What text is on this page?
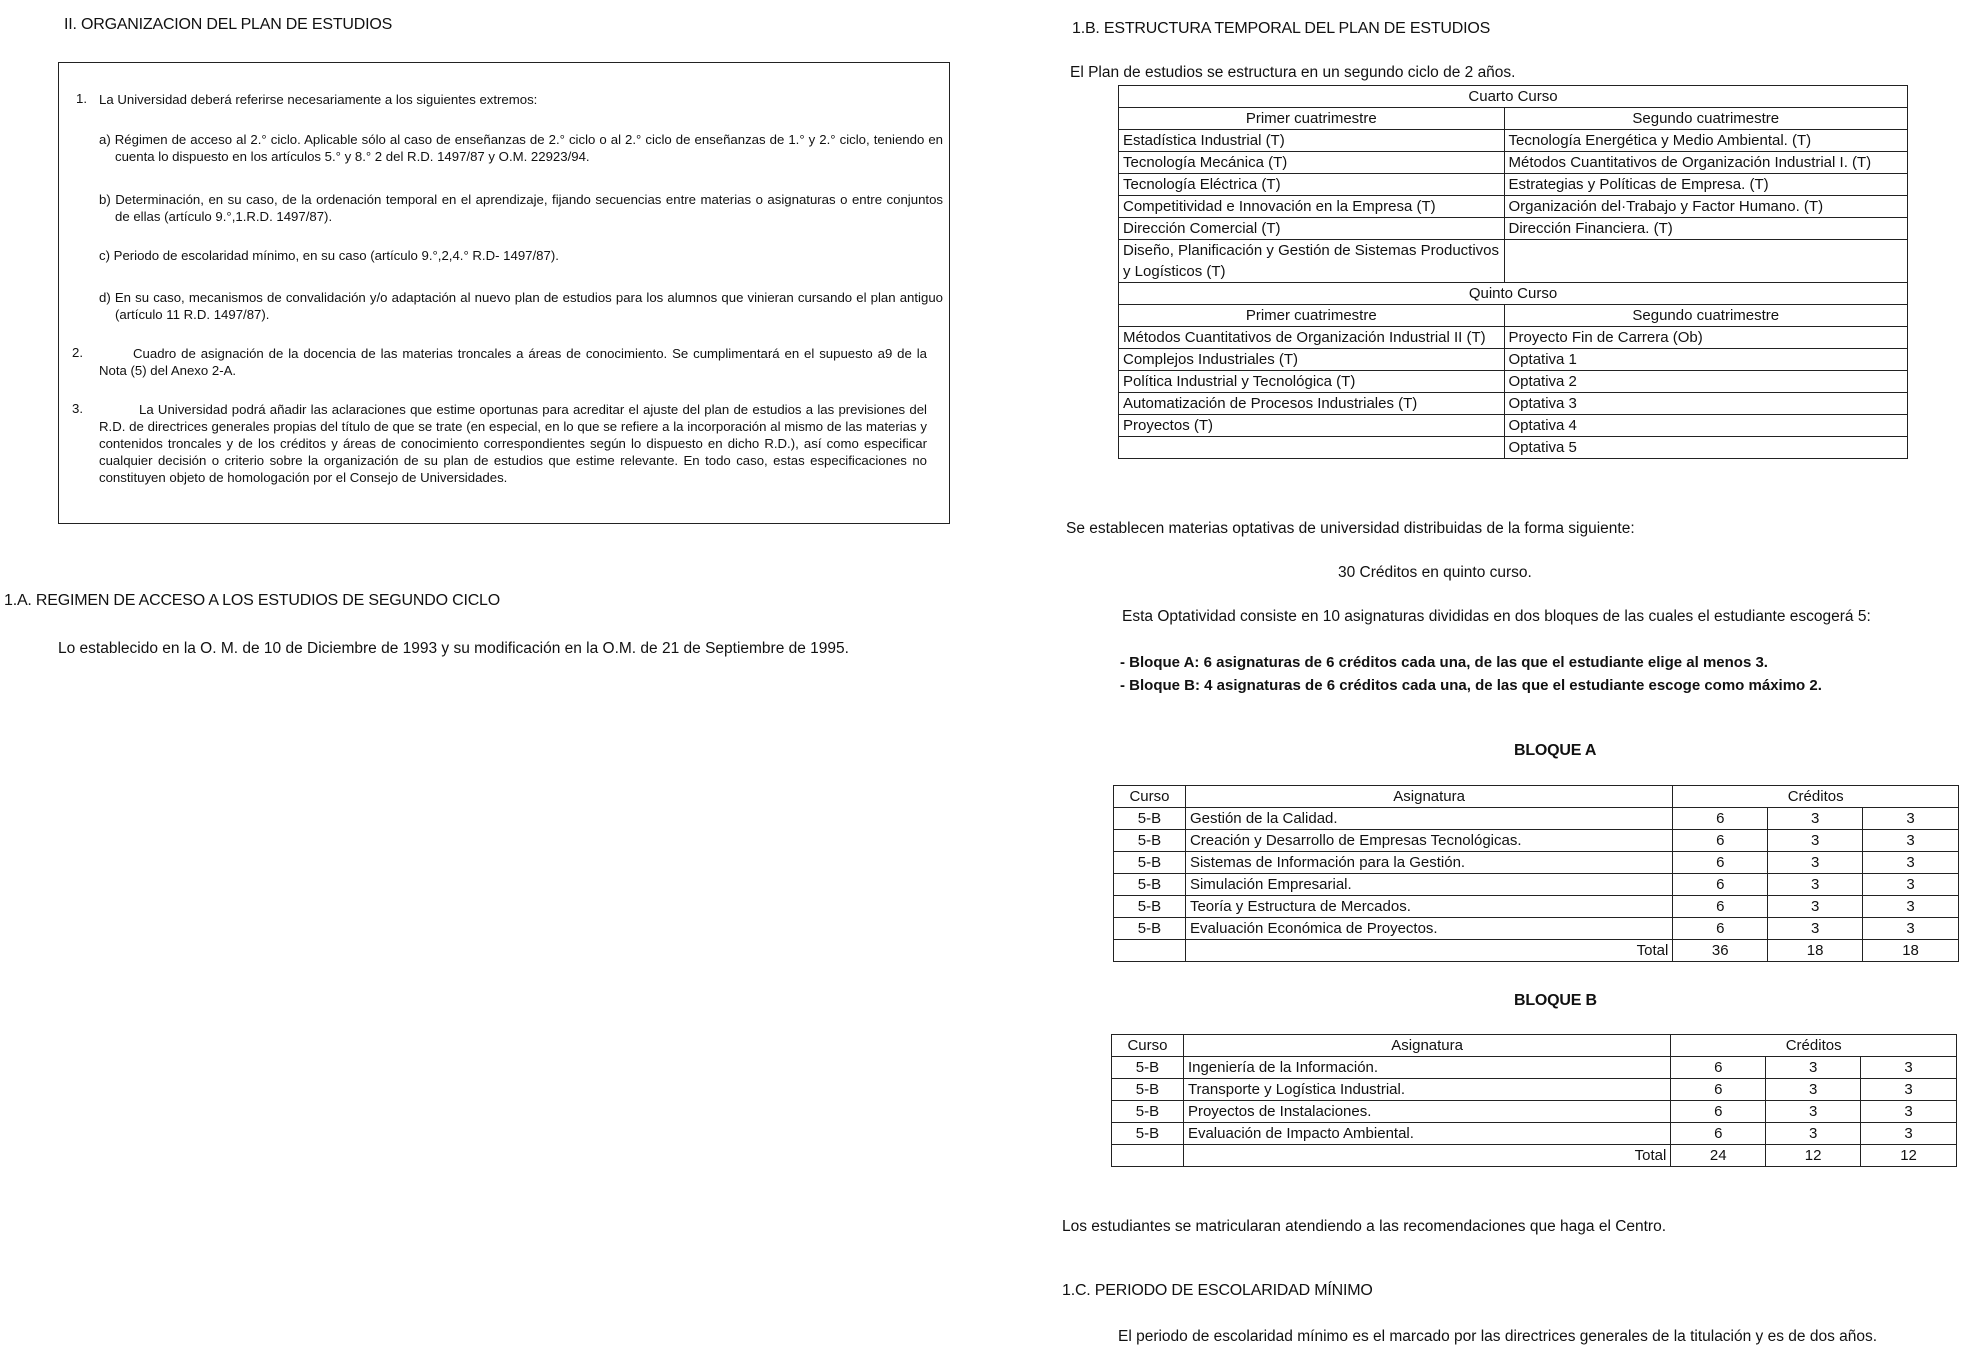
II. ORGANIZACION DEL PLAN DE ESTUDIOS
1. La Universidad deberá referirse necesariamente a los siguientes extremos:
a) Régimen de acceso al 2.° ciclo. Aplicable sólo al caso de enseñanzas de 2.° ciclo o al 2.° ciclo de enseñanzas de 1.° y 2.° ciclo, teniendo en cuenta lo dispuesto en los artículos 5.° y 8.° 2 del R.D. 1497/87 y O.M. 22923/94.
b) Determinación, en su caso, de la ordenación temporal en el aprendizaje, fijando secuencias entre materias o asignaturas o entre conjuntos de ellas (artículo 9.°,1.R.D. 1497/87).
c) Periodo de escolaridad mínimo, en su caso (artículo 9.°,2,4.° R.D- 1497/87).
d) En su caso, mecanismos de convalidación y/o adaptación al nuevo plan de estudios para los alumnos que vinieran cursando el plan antiguo (artículo 11 R.D. 1497/87).
2.	Cuadro de asignación de la docencia de las materias troncales a áreas de conocimiento. Se cumplimentará en el supuesto a9 de la Nota (5) del Anexo 2-A.
3.	La Universidad podrá añadir las aclaraciones que estime oportunas para acreditar el ajuste del plan de estudios a las previsiones del R.D. de directrices generales propias del título de que se trate (en especial, en lo que se refiere a la incorporación al mismo de las materias y contenidos troncales y de los créditos y áreas de conocimiento correspondientes según lo dispuesto en dicho R.D.), así como especificar cualquier decisión o criterio sobre la organización de su plan de estudios que estime relevante. En todo caso, estas especificaciones no constituyen objeto de homologación por el Consejo de Universidades.
1.A. REGIMEN DE ACCESO A LOS ESTUDIOS DE SEGUNDO CICLO
Lo establecido en la O. M. de 10 de Diciembre de 1993 y su modificación en la O.M. de 21 de Septiembre de 1995.
1.B. ESTRUCTURA TEMPORAL DEL PLAN DE ESTUDIOS
El Plan de estudios se estructura en un segundo ciclo de 2 años.
Cuarto Curso	
Primer cuatrimestre	Segundo cuatrimestre
Estadística Industrial (T)	Tecnología Energética y Medio Ambiental. (T)
Tecnología Mecánica (T)	Métodos Cuantitativos de Organización Industrial I. (T)
Tecnología Eléctrica (T)	Estrategias y Políticas de Empresa. (T)
Competitividad e Innovación en la Empresa (T)	Organización del·Trabajo y Factor Humano. (T)
Dirección Comercial (T)	Dirección Financiera. (T)
Diseño, Planificación y Gestión de Sistemas Productivos y Logísticos (T)	
Quinto Curso	
Primer cuatrimestre	Segundo cuatrimestre
Métodos Cuantitativos de Organización Industrial II (T)	Proyecto Fin de Carrera (Ob)
Complejos Industriales (T)	Optativa 1
Política Industrial y Tecnológica (T)	Optativa 2
Automatización de Procesos Industriales (T)	Optativa 3
Proyectos (T)	Optativa 4
	Optativa 5
Se establecen materias optativas de universidad distribuidas de la forma siguiente:
30 Créditos en quinto curso.
Esta Optatividad consiste en 10 asignaturas divididas en dos bloques de las cuales el estudiante escogerá 5:
- Bloque A: 6 asignaturas de 6 créditos cada una, de las que el estudiante elige al menos 3.
- Bloque B: 4 asignaturas de 6 créditos cada una, de las que el estudiante escoge como máximo 2.
BLOQUE A
Curso	Asignatura	Créditos		
5-B	Gestión de la Calidad.	6	3	3
5-B	Creación y Desarrollo de Empresas Tecnológicas.	6	3	3
5-B	Sistemas de Información para la Gestión.	6	3	3
5-B	Simulación Empresarial.	6	3	3
5-B	Teoría y Estructura de Mercados.	6	3	3
5-B	Evaluación Económica de Proyectos.	6	3	3
	Total	36	18	18
BLOQUE B
Curso	Asignatura	Créditos		
5-B	Ingeniería de la Información.	6	3	3
5-B	Transporte y Logística Industrial.	6	3	3
5-B	Proyectos de Instalaciones.	6	3	3
5-B	Evaluación de Impacto Ambiental.	6	3	3
	Total	24	12	12
Los estudiantes se matricularan atendiendo a las recomendaciones que haga el Centro.
1.C. PERIODO DE ESCOLARIDAD MÍNIMO
El periodo de escolaridad mínimo es el marcado por las directrices generales de la titulación y es de dos años.
